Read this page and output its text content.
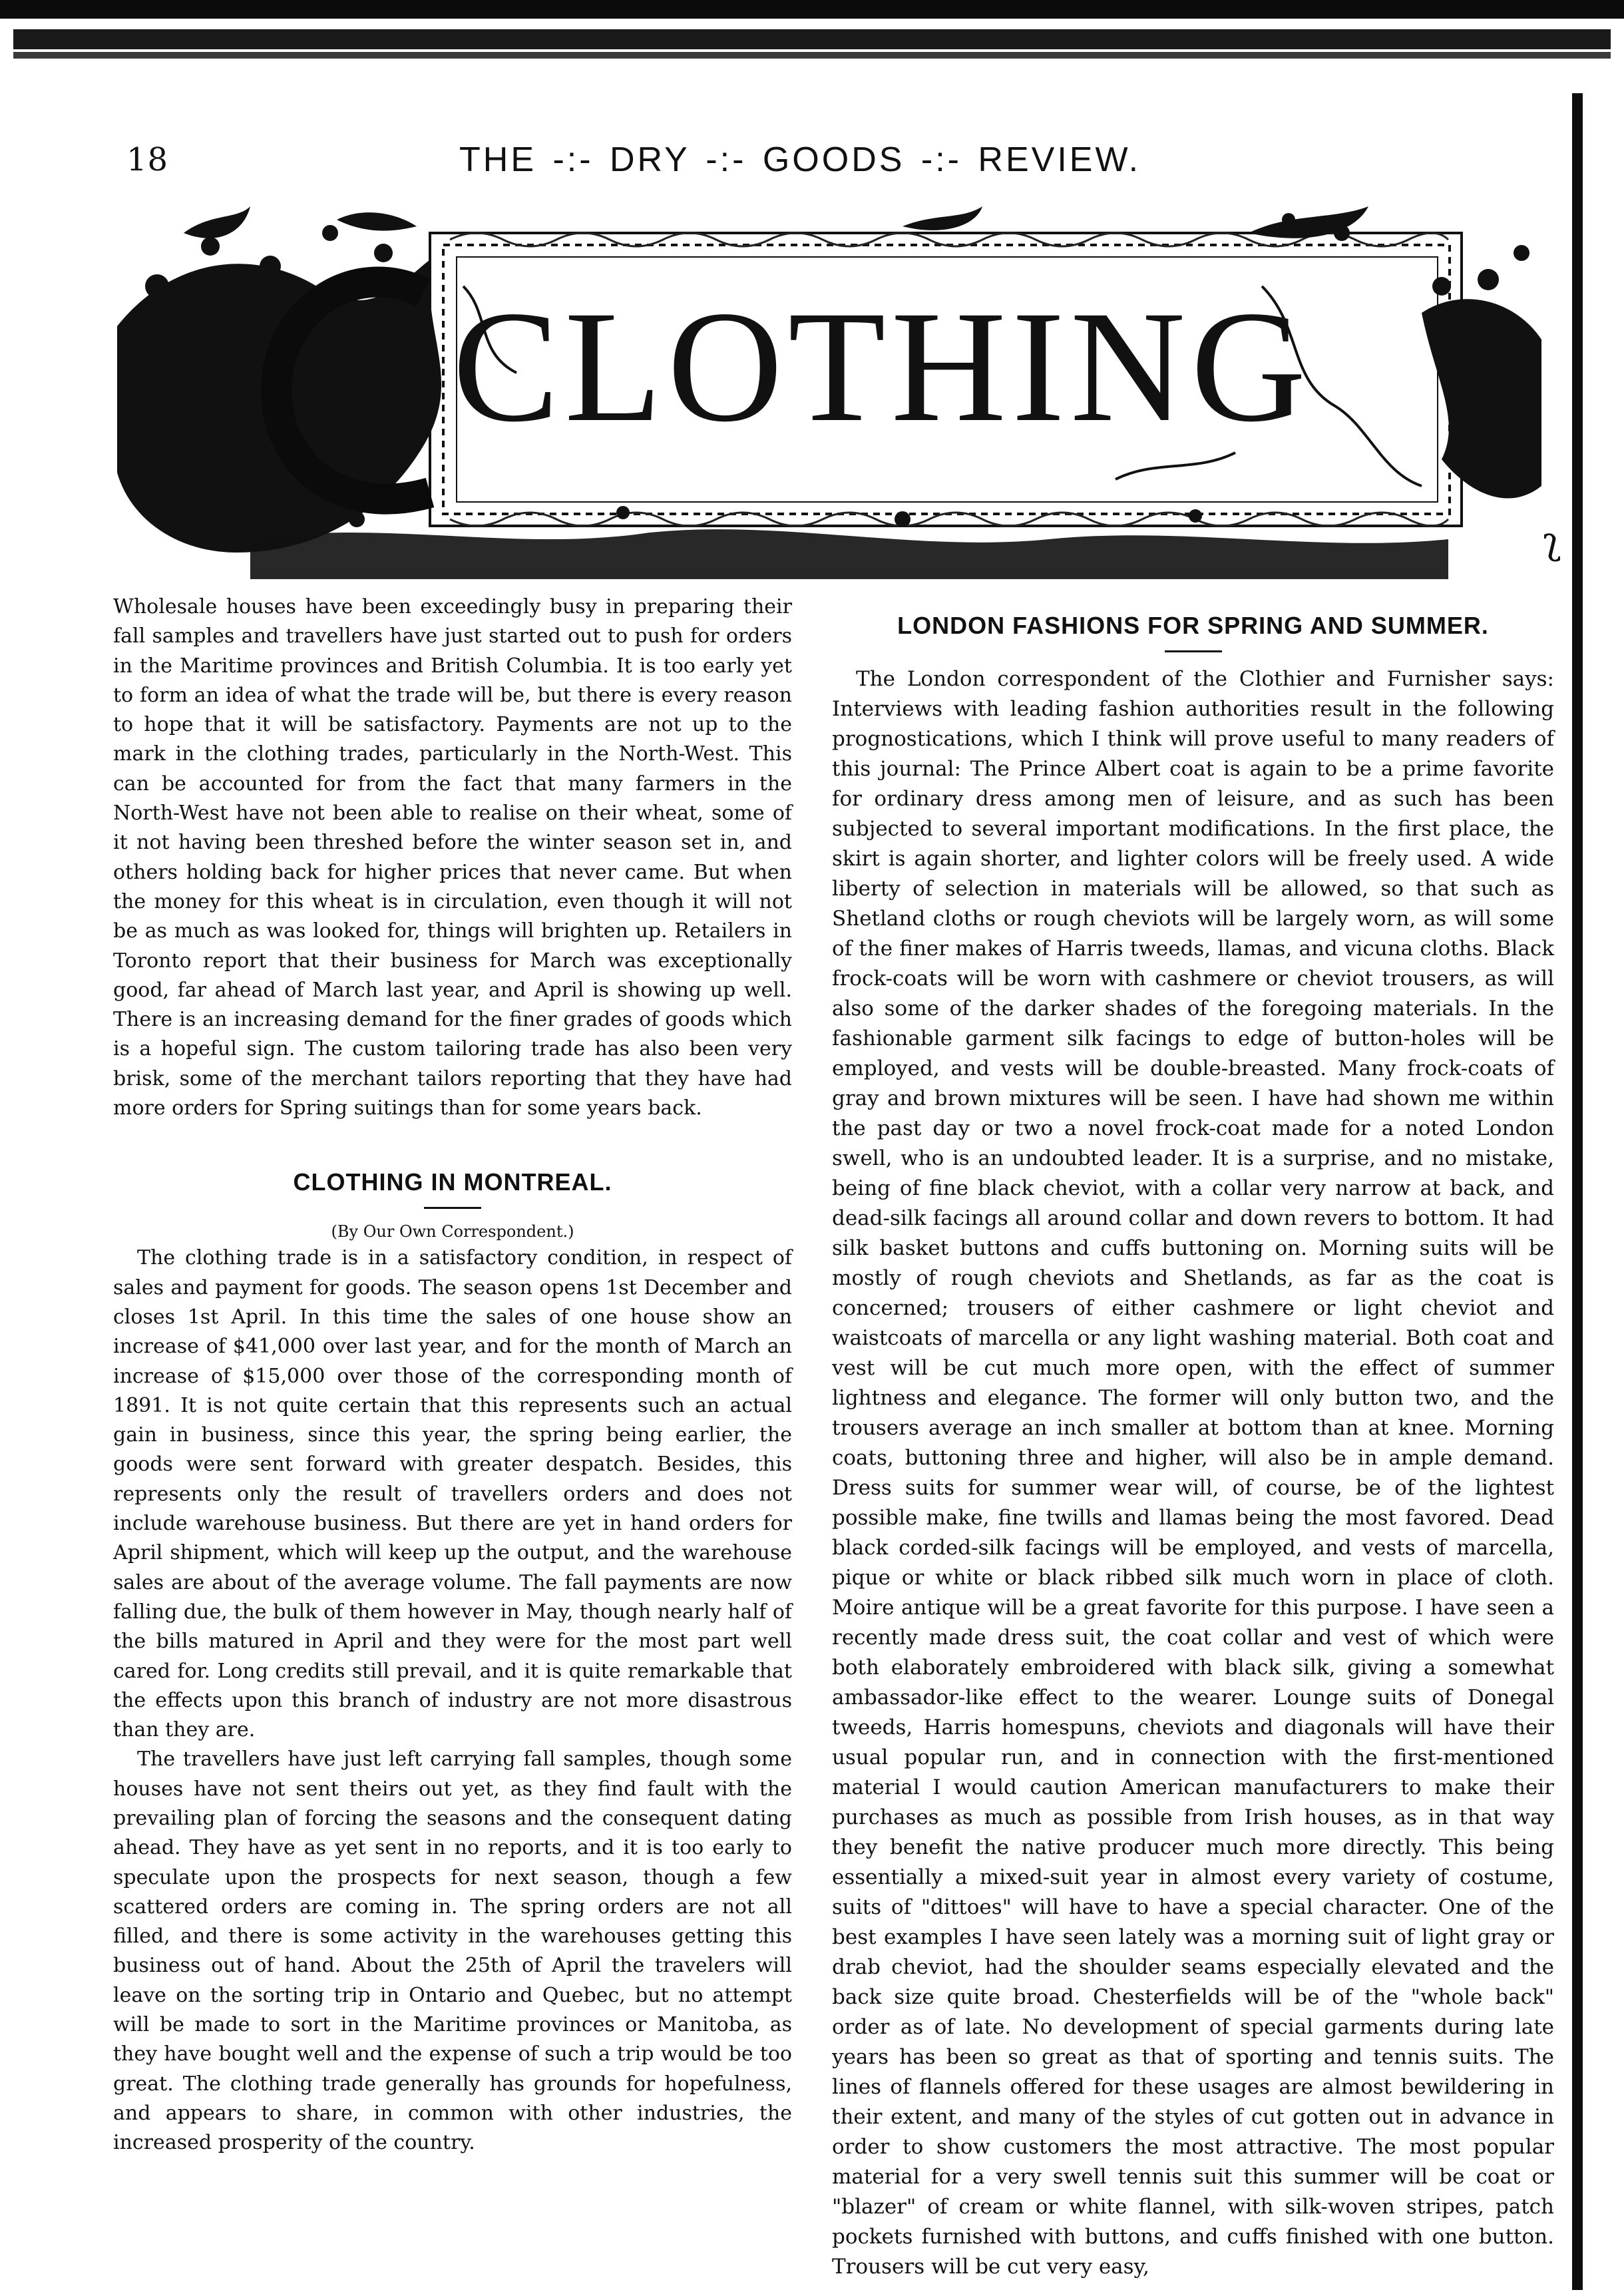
18	THE -:- DRY -:- GOODS -:- REVIEW.
CLOTHING
ʅ

Wholesale houses have been exceedingly busy in preparing their fall samples and travellers have just started out to push for orders in the Maritime provinces and British Columbia. It is too early yet to form an idea of what the trade will be, but there is every reason to hope that it will be satisfactory. Payments are not up to the mark in the clothing trades, particularly in the North-West. This can be accounted for from the fact that many farmers in the North-West have not been able to realise on their wheat, some of it not having been threshed before the winter season set in, and others holding back for higher prices that never came. But when the money for this wheat is in circulation, even though it will not be as much as was looked for, things will brighten up. Retailers in Toronto report that their business for March was exceptionally good, far ahead of March last year, and April is showing up well. There is an increasing demand for the finer grades of goods which is a hopeful sign. The custom tailoring trade has also been very brisk, some of the merchant tailors reporting that they have had more orders for Spring suitings than for some years back.

CLOTHING IN MONTREAL.
(By Our Own Correspondent.)

The clothing trade is in a satisfactory condition, in respect of sales and payment for goods. The season opens 1st December and closes 1st April. In this time the sales of one house show an increase of $41,000 over last year, and for the month of March an increase of $15,000 over those of the corresponding month of 1891. It is not quite certain that this represents such an actual gain in business, since this year, the spring being earlier, the goods were sent forward with greater despatch. Besides, this represents only the result of travellers orders and does not include warehouse business. But there are yet in hand orders for April shipment, which will keep up the output, and the warehouse sales are about of the average volume. The fall payments are now falling due, the bulk of them however in May, though nearly half of the bills matured in April and they were for the most part well cared for. Long credits still prevail, and it is quite remarkable that the effects upon this branch of industry are not more disastrous than they are.

The travellers have just left carrying fall samples, though some houses have not sent theirs out yet, as they find fault with the prevailing plan of forcing the seasons and the consequent dating ahead. They have as yet sent in no reports, and it is too early to speculate upon the prospects for next season, though a few scattered orders are coming in. The spring orders are not all filled, and there is some activity in the warehouses getting this business out of hand. About the 25th of April the travelers will leave on the sorting trip in Ontario and Quebec, but no attempt will be made to sort in the Maritime provinces or Manitoba, as they have bought well and the expense of such a trip would be too great. The clothing trade generally has grounds for hopefulness, and appears to share, in common with other industries, the increased prosperity of the country.

LONDON FASHIONS FOR SPRING AND SUMMER.

The London correspondent of the Clothier and Furnisher says: Interviews with leading fashion authorities result in the following prognostications, which I think will prove useful to many readers of this journal: The Prince Albert coat is again to be a prime favorite for ordinary dress among men of leisure, and as such has been subjected to several important modifications. In the first place, the skirt is again shorter, and lighter colors will be freely used. A wide liberty of selection in materials will be allowed, so that such as Shetland cloths or rough cheviots will be largely worn, as will some of the finer makes of Harris tweeds, llamas, and vicuna cloths. Black frock-coats will be worn with cashmere or cheviot trousers, as will also some of the darker shades of the foregoing materials. In the fashionable garment silk facings to edge of button-holes will be employed, and vests will be double-breasted. Many frock-coats of gray and brown mixtures will be seen. I have had shown me within the past day or two a novel frock-coat made for a noted London swell, who is an undoubted leader. It is a surprise, and no mistake, being of fine black cheviot, with a collar very narrow at back, and dead-silk facings all around collar and down revers to bottom. It had silk basket buttons and cuffs buttoning on. Morning suits will be mostly of rough cheviots and Shetlands, as far as the coat is concerned; trousers of either cashmere or light cheviot and waistcoats of marcella or any light washing material. Both coat and vest will be cut much more open, with the effect of summer lightness and elegance. The former will only button two, and the trousers average an inch smaller at bottom than at knee. Morning coats, buttoning three and higher, will also be in ample demand. Dress suits for summer wear will, of course, be of the lightest possible make, fine twills and llamas being the most favored. Dead black corded-silk facings will be employed, and vests of marcella, pique or white or black ribbed silk much worn in place of cloth. Moire antique will be a great favorite for this purpose. I have seen a recently made dress suit, the coat collar and vest of which were both elaborately embroidered with black silk, giving a somewhat ambassador-like effect to the wearer. Lounge suits of Donegal tweeds, Harris homespuns, cheviots and diagonals will have their usual popular run, and in connection with the first-mentioned material I would caution American manufacturers to make their purchases as much as possible from Irish houses, as in that way they benefit the native producer much more directly. This being essentially a mixed-suit year in almost every variety of costume, suits of "dittoes" will have to have a special character. One of the best examples I have seen lately was a morning suit of light gray or drab cheviot, had the shoulder seams especially elevated and the back size quite broad. Chesterfields will be of the "whole back" order as of late. No development of special garments during late years has been so great as that of sporting and tennis suits. The lines of flannels offered for these usages are almost bewildering in their extent, and many of the styles of cut gotten out in advance in order to show customers the most attractive. The most popular material for a very swell tennis suit this summer will be coat or "blazer" of cream or white flannel, with silk-woven stripes, patch pockets furnished with buttons, and cuffs finished with one button. Trousers will be cut very easy,
